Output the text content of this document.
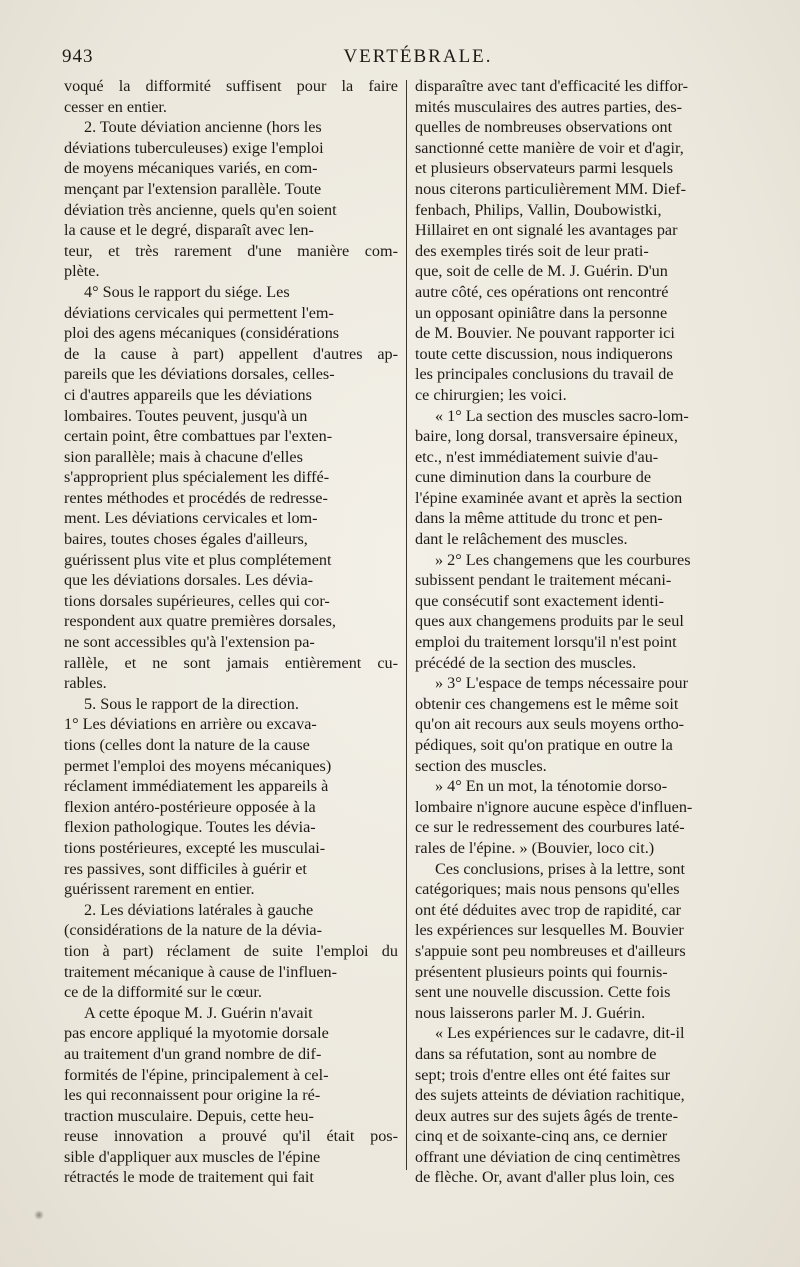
943	VERTÉBRALE.
voqué la difformité suffisent pour la faire
cesser en entier.
2. Toute déviation ancienne (hors les
déviations tuberculeuses) exige l'emploi
de moyens mécaniques variés, en com-
mençant par l'extension parallèle. Toute
déviation très ancienne, quels qu'en soient
la cause et le degré, disparaît avec len-
teur, et très rarement d'une manière com-
plète.
4° Sous le rapport du siége. Les
déviations cervicales qui permettent l'em-
ploi des agens mécaniques (considérations
de la cause à part) appellent d'autres ap-
pareils que les déviations dorsales, celles-
ci d'autres appareils que les déviations
lombaires. Toutes peuvent, jusqu'à un
certain point, être combattues par l'exten-
sion parallèle; mais à chacune d'elles
s'approprient plus spécialement les diffé-
rentes méthodes et procédés de redresse-
ment. Les déviations cervicales et lom-
baires, toutes choses égales d'ailleurs,
guérissent plus vite et plus complétement
que les déviations dorsales. Les dévia-
tions dorsales supérieures, celles qui cor-
respondent aux quatre premières dorsales,
ne sont accessibles qu'à l'extension pa-
rallèle, et ne sont jamais entièrement cu-
rables.
5. Sous le rapport de la direction.
1° Les déviations en arrière ou excava-
tions (celles dont la nature de la cause
permet l'emploi des moyens mécaniques)
réclament immédiatement les appareils à
flexion antéro-postérieure opposée à la
flexion pathologique. Toutes les dévia-
tions postérieures, excepté les musculai-
res passives, sont difficiles à guérir et
guérissent rarement en entier.
2. Les déviations latérales à gauche
(considérations de la nature de la dévia-
tion à part) réclament de suite l'emploi du
traitement mécanique à cause de l'influen-
ce de la difformité sur le cœur.
A cette époque M. J. Guérin n'avait
pas encore appliqué la myotomie dorsale
au traitement d'un grand nombre de dif-
formités de l'épine, principalement à cel-
les qui reconnaissent pour origine la ré-
traction musculaire. Depuis, cette heu-
reuse innovation a prouvé qu'il était pos-
sible d'appliquer aux muscles de l'épine
rétractés le mode de traitement qui fait
disparaître avec tant d'efficacité les diffor-
mités musculaires des autres parties, des-
quelles de nombreuses observations ont
sanctionné cette manière de voir et d'agir,
et plusieurs observateurs parmi lesquels
nous citerons particulièrement MM. Dief-
fenbach, Philips, Vallin, Doubowistki,
Hillairet en ont signalé les avantages par
des exemples tirés soit de leur prati-
que, soit de celle de M. J. Guérin. D'un
autre côté, ces opérations ont rencontré
un opposant opiniâtre dans la personne
de M. Bouvier. Ne pouvant rapporter ici
toute cette discussion, nous indiquerons
les principales conclusions du travail de
ce chirurgien; les voici.
« 1° La section des muscles sacro-lom-
baire, long dorsal, transversaire épineux,
etc., n'est immédiatement suivie d'au-
cune diminution dans la courbure de
l'épine examinée avant et après la section
dans la même attitude du tronc et pen-
dant le relâchement des muscles.
» 2° Les changemens que les courbures
subissent pendant le traitement mécani-
que consécutif sont exactement identi-
ques aux changemens produits par le seul
emploi du traitement lorsqu'il n'est point
précédé de la section des muscles.
» 3° L'espace de temps nécessaire pour
obtenir ces changemens est le même soit
qu'on ait recours aux seuls moyens ortho-
pédiques, soit qu'on pratique en outre la
section des muscles.
» 4° En un mot, la ténotomie dorso-
lombaire n'ignore aucune espèce d'influen-
ce sur le redressement des courbures laté-
rales de l'épine. » (Bouvier, loco cit.)
Ces conclusions, prises à la lettre, sont
catégoriques; mais nous pensons qu'elles
ont été déduites avec trop de rapidité, car
les expériences sur lesquelles M. Bouvier
s'appuie sont peu nombreuses et d'ailleurs
présentent plusieurs points qui fournis-
sent une nouvelle discussion. Cette fois
nous laisserons parler M. J. Guérin.
« Les expériences sur le cadavre, dit-il
dans sa réfutation, sont au nombre de
sept; trois d'entre elles ont été faites sur
des sujets atteints de déviation rachitique,
deux autres sur des sujets âgés de trente-
cinq et de soixante-cinq ans, ce dernier
offrant une déviation de cinq centimètres
de flèche. Or, avant d'aller plus loin, ces
